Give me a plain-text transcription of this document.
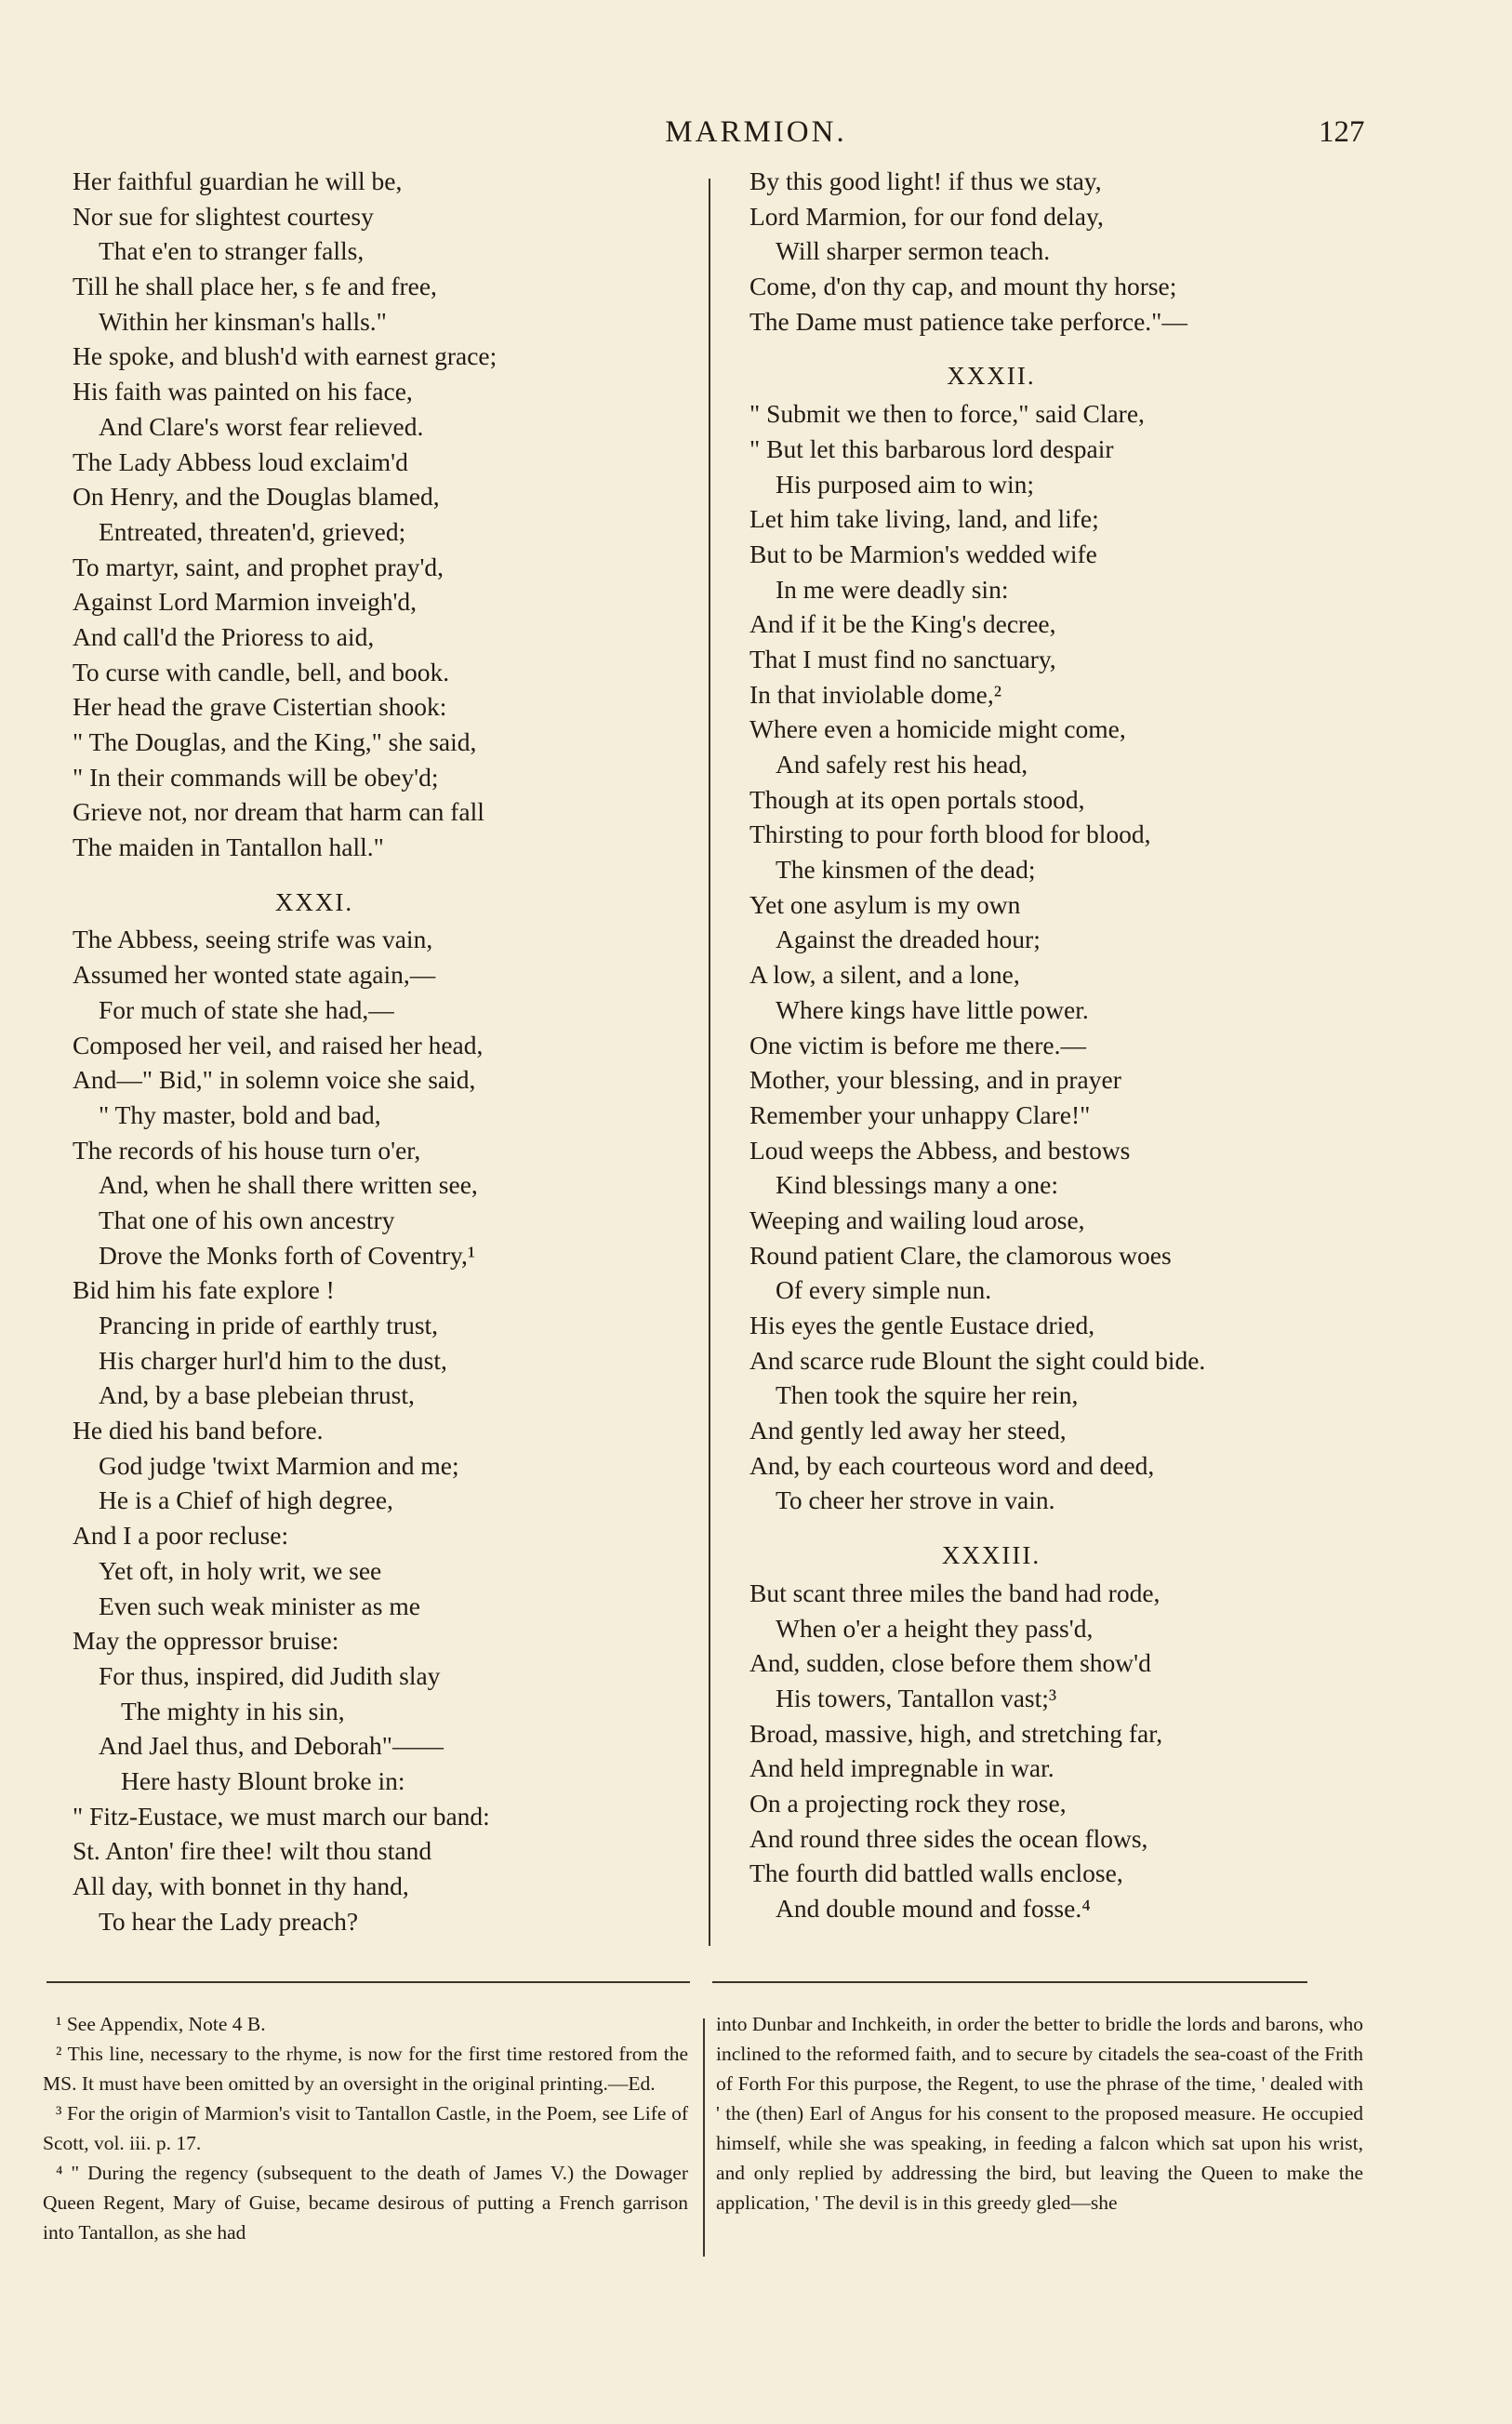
MARMION.	127
Her faithful guardian he will be,
Nor sue for slightest courtesy
That e'en to stranger falls,
Till he shall place her, s fe and free,
Within her kinsman's halls."
He spoke, and blush'd with earnest grace;
His faith was painted on his face,
And Clare's worst fear relieved.
The Lady Abbess loud exclaim'd
On Henry, and the Douglas blamed,
Entreated, threaten'd, grieved;
To martyr, saint, and prophet pray'd,
Against Lord Marmion inveigh'd,
And call'd the Prioress to aid,
To curse with candle, bell, and book.
Her head the grave Cistertian shook:
" The Douglas, and the King," she said,
" In their commands will be obey'd;
Grieve not, nor dream that harm can fall
The maiden in Tantallon hall."
XXXI.
The Abbess, seeing strife was vain,
Assumed her wonted state again,—
For much of state she had,—
Composed her veil, and raised her head,
And—" Bid," in solemn voice she said,
" Thy master, bold and bad,
The records of his house turn o'er,
And, when he shall there written see,
That one of his own ancestry
Drove the Monks forth of Coventry,¹
Bid him his fate explore !
Prancing in pride of earthly trust,
His charger hurl'd him to the dust,
And, by a base plebeian thrust,
He died his band before.
God judge 'twixt Marmion and me;
He is a Chief of high degree,
And I a poor recluse:
Yet oft, in holy writ, we see
Even such weak minister as me
May the oppressor bruise:
For thus, inspired, did Judith slay
The mighty in his sin,
And Jael thus, and Deborah"——
Here hasty Blount broke in:
" Fitz-Eustace, we must march our band:
St. Anton' fire thee! wilt thou stand
All day, with bonnet in thy hand,
To hear the Lady preach?
By this good light! if thus we stay,
Lord Marmion, for our fond delay,
Will sharper sermon teach.
Come, d'on thy cap, and mount thy horse;
The Dame must patience take perforce."—
XXXII.
" Submit we then to force," said Clare,
" But let this barbarous lord despair
His purposed aim to win;
Let him take living, land, and life;
But to be Marmion's wedded wife
In me were deadly sin:
And if it be the King's decree,
That I must find no sanctuary,
In that inviolable dome,²
Where even a homicide might come,
And safely rest his head,
Though at its open portals stood,
Thirsting to pour forth blood for blood,
The kinsmen of the dead;
Yet one asylum is my own
Against the dreaded hour;
A low, a silent, and a lone,
Where kings have little power.
One victim is before me there.—
Mother, your blessing, and in prayer
Remember your unhappy Clare!"
Loud weeps the Abbess, and bestows
Kind blessings many a one:
Weeping and wailing loud arose,
Round patient Clare, the clamorous woes
Of every simple nun.
His eyes the gentle Eustace dried,
And scarce rude Blount the sight could bide.
Then took the squire her rein,
And gently led away her steed,
And, by each courteous word and deed,
To cheer her strove in vain.
XXXIII.
But scant three miles the band had rode,
When o'er a height they pass'd,
And, sudden, close before them show'd
His towers, Tantallon vast;³
Broad, massive, high, and stretching far,
And held impregnable in war.
On a projecting rock they rose,
And round three sides the ocean flows,
The fourth did battled walls enclose,
And double mound and fosse.⁴

¹ See Appendix, Note 4 B.

² This line, necessary to the rhyme, is now for the first time restored from the MS. It must have been omitted by an oversight in the original printing.—Ed.

³ For the origin of Marmion's visit to Tantallon Castle, in the Poem, see Life of Scott, vol. iii. p. 17.

⁴ " During the regency (subsequent to the death of James V.) the Dowager Queen Regent, Mary of Guise, became desirous of putting a French garrison into Tantallon, as she had

into Dunbar and Inchkeith, in order the better to bridle the lords and barons, who inclined to the reformed faith, and to secure by citadels the sea-coast of the Frith of Forth For this purpose, the Regent, to use the phrase of the time, ' dealed with ' the (then) Earl of Angus for his consent to the proposed measure. He occupied himself, while she was speaking, in feeding a falcon which sat upon his wrist, and only replied by addressing the bird, but leaving the Queen to make the application, ' The devil is in this greedy gled—she
